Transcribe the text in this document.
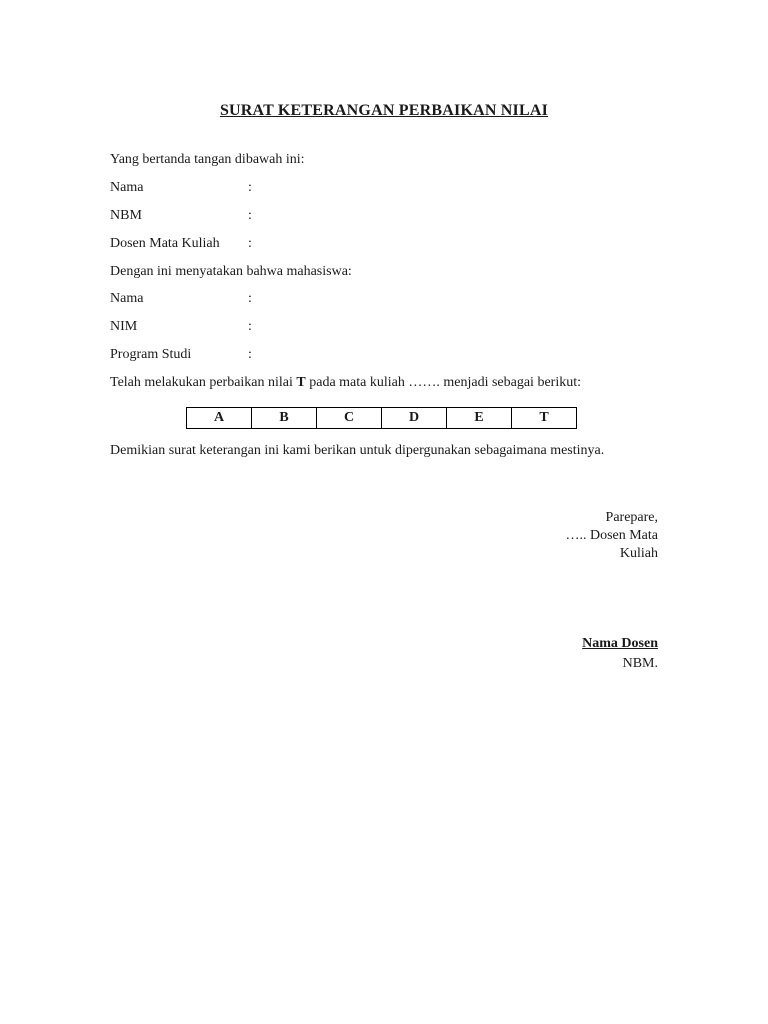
SURAT KETERANGAN PERBAIKAN NILAI
Yang bertanda tangan dibawah ini:
Nama	:
NBM	:
Dosen Mata Kuliah :
Dengan ini menyatakan bahwa mahasiswa:
Nama	:
NIM	:
Program Studi	:
Telah melakukan perbaikan nilai T pada mata kuliah ……. menjadi sebagai berikut:
A	B	C	D	E	T
Demikian surat keterangan ini kami berikan untuk dipergunakan sebagaimana mestinya.
Parepare,
….. Dosen Mata
Kuliah
Nama Dosen
NBM.
